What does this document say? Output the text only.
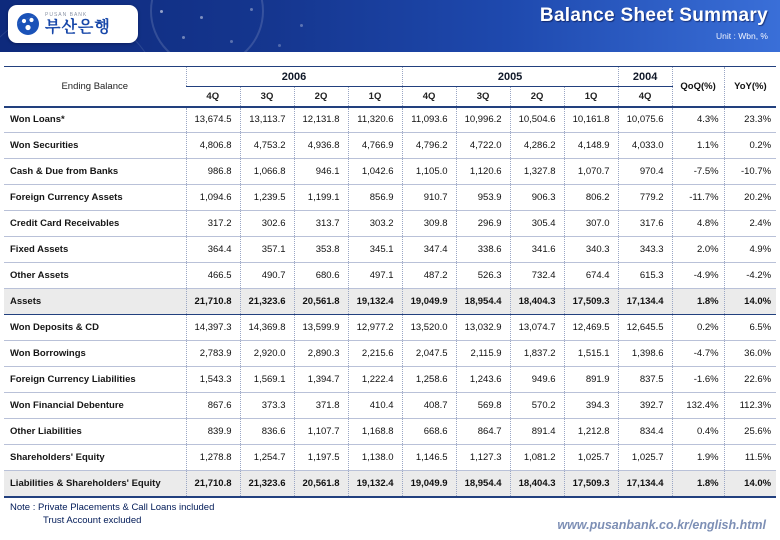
PUSAN BANK
부산은행
Balance Sheet Summary
Unit : Wbn, %
Ending Balance	2006				2005				2004	QoQ(%)	YoY(%)
	4Q	3Q	2Q	1Q	4Q	3Q	2Q	1Q	4Q		
Won Loans*	13,674.5	13,113.7	12,131.8	11,320.6	11,093.6	10,996.2	10,504.6	10,161.8	10,075.6	4.3%	23.3%
Won Securities	4,806.8	4,753.2	4,936.8	4,766.9	4,796.2	4,722.0	4,286.2	4,148.9	4,033.0	1.1%	0.2%
Cash & Due from Banks	986.8	1,066.8	946.1	1,042.6	1,105.0	1,120.6	1,327.8	1,070.7	970.4	-7.5%	-10.7%
Foreign Currency Assets	1,094.6	1,239.5	1,199.1	856.9	910.7	953.9	906.3	806.2	779.2	-11.7%	20.2%
Credit Card Receivables	317.2	302.6	313.7	303.2	309.8	296.9	305.4	307.0	317.6	4.8%	2.4%
Fixed Assets	364.4	357.1	353.8	345.1	347.4	338.6	341.6	340.3	343.3	2.0%	4.9%
Other Assets	466.5	490.7	680.6	497.1	487.2	526.3	732.4	674.4	615.3	-4.9%	-4.2%
Assets	21,710.8	21,323.6	20,561.8	19,132.4	19,049.9	18,954.4	18,404.3	17,509.3	17,134.4	1.8%	14.0%
Won Deposits & CD	14,397.3	14,369.8	13,599.9	12,977.2	13,520.0	13,032.9	13,074.7	12,469.5	12,645.5	0.2%	6.5%
Won Borrowings	2,783.9	2,920.0	2,890.3	2,215.6	2,047.5	2,115.9	1,837.2	1,515.1	1,398.6	-4.7%	36.0%
Foreign Currency Liabilities	1,543.3	1,569.1	1,394.7	1,222.4	1,258.6	1,243.6	949.6	891.9	837.5	-1.6%	22.6%
Won Financial Debenture	867.6	373.3	371.8	410.4	408.7	569.8	570.2	394.3	392.7	132.4%	112.3%
Other Liabilities	839.9	836.6	1,107.7	1,168.8	668.6	864.7	891.4	1,212.8	834.4	0.4%	25.6%
Shareholders' Equity	1,278.8	1,254.7	1,197.5	1,138.0	1,146.5	1,127.3	1,081.2	1,025.7	1,025.7	1.9%	11.5%
Liabilities & Shareholders' Equity	21,710.8	21,323.6	20,561.8	19,132.4	19,049.9	18,954.4	18,404.3	17,509.3	17,134.4	1.8%	14.0%
Note : Private Placements & Call Loans included
Trust Account excluded	www.pusanbank.co.kr/english.html
